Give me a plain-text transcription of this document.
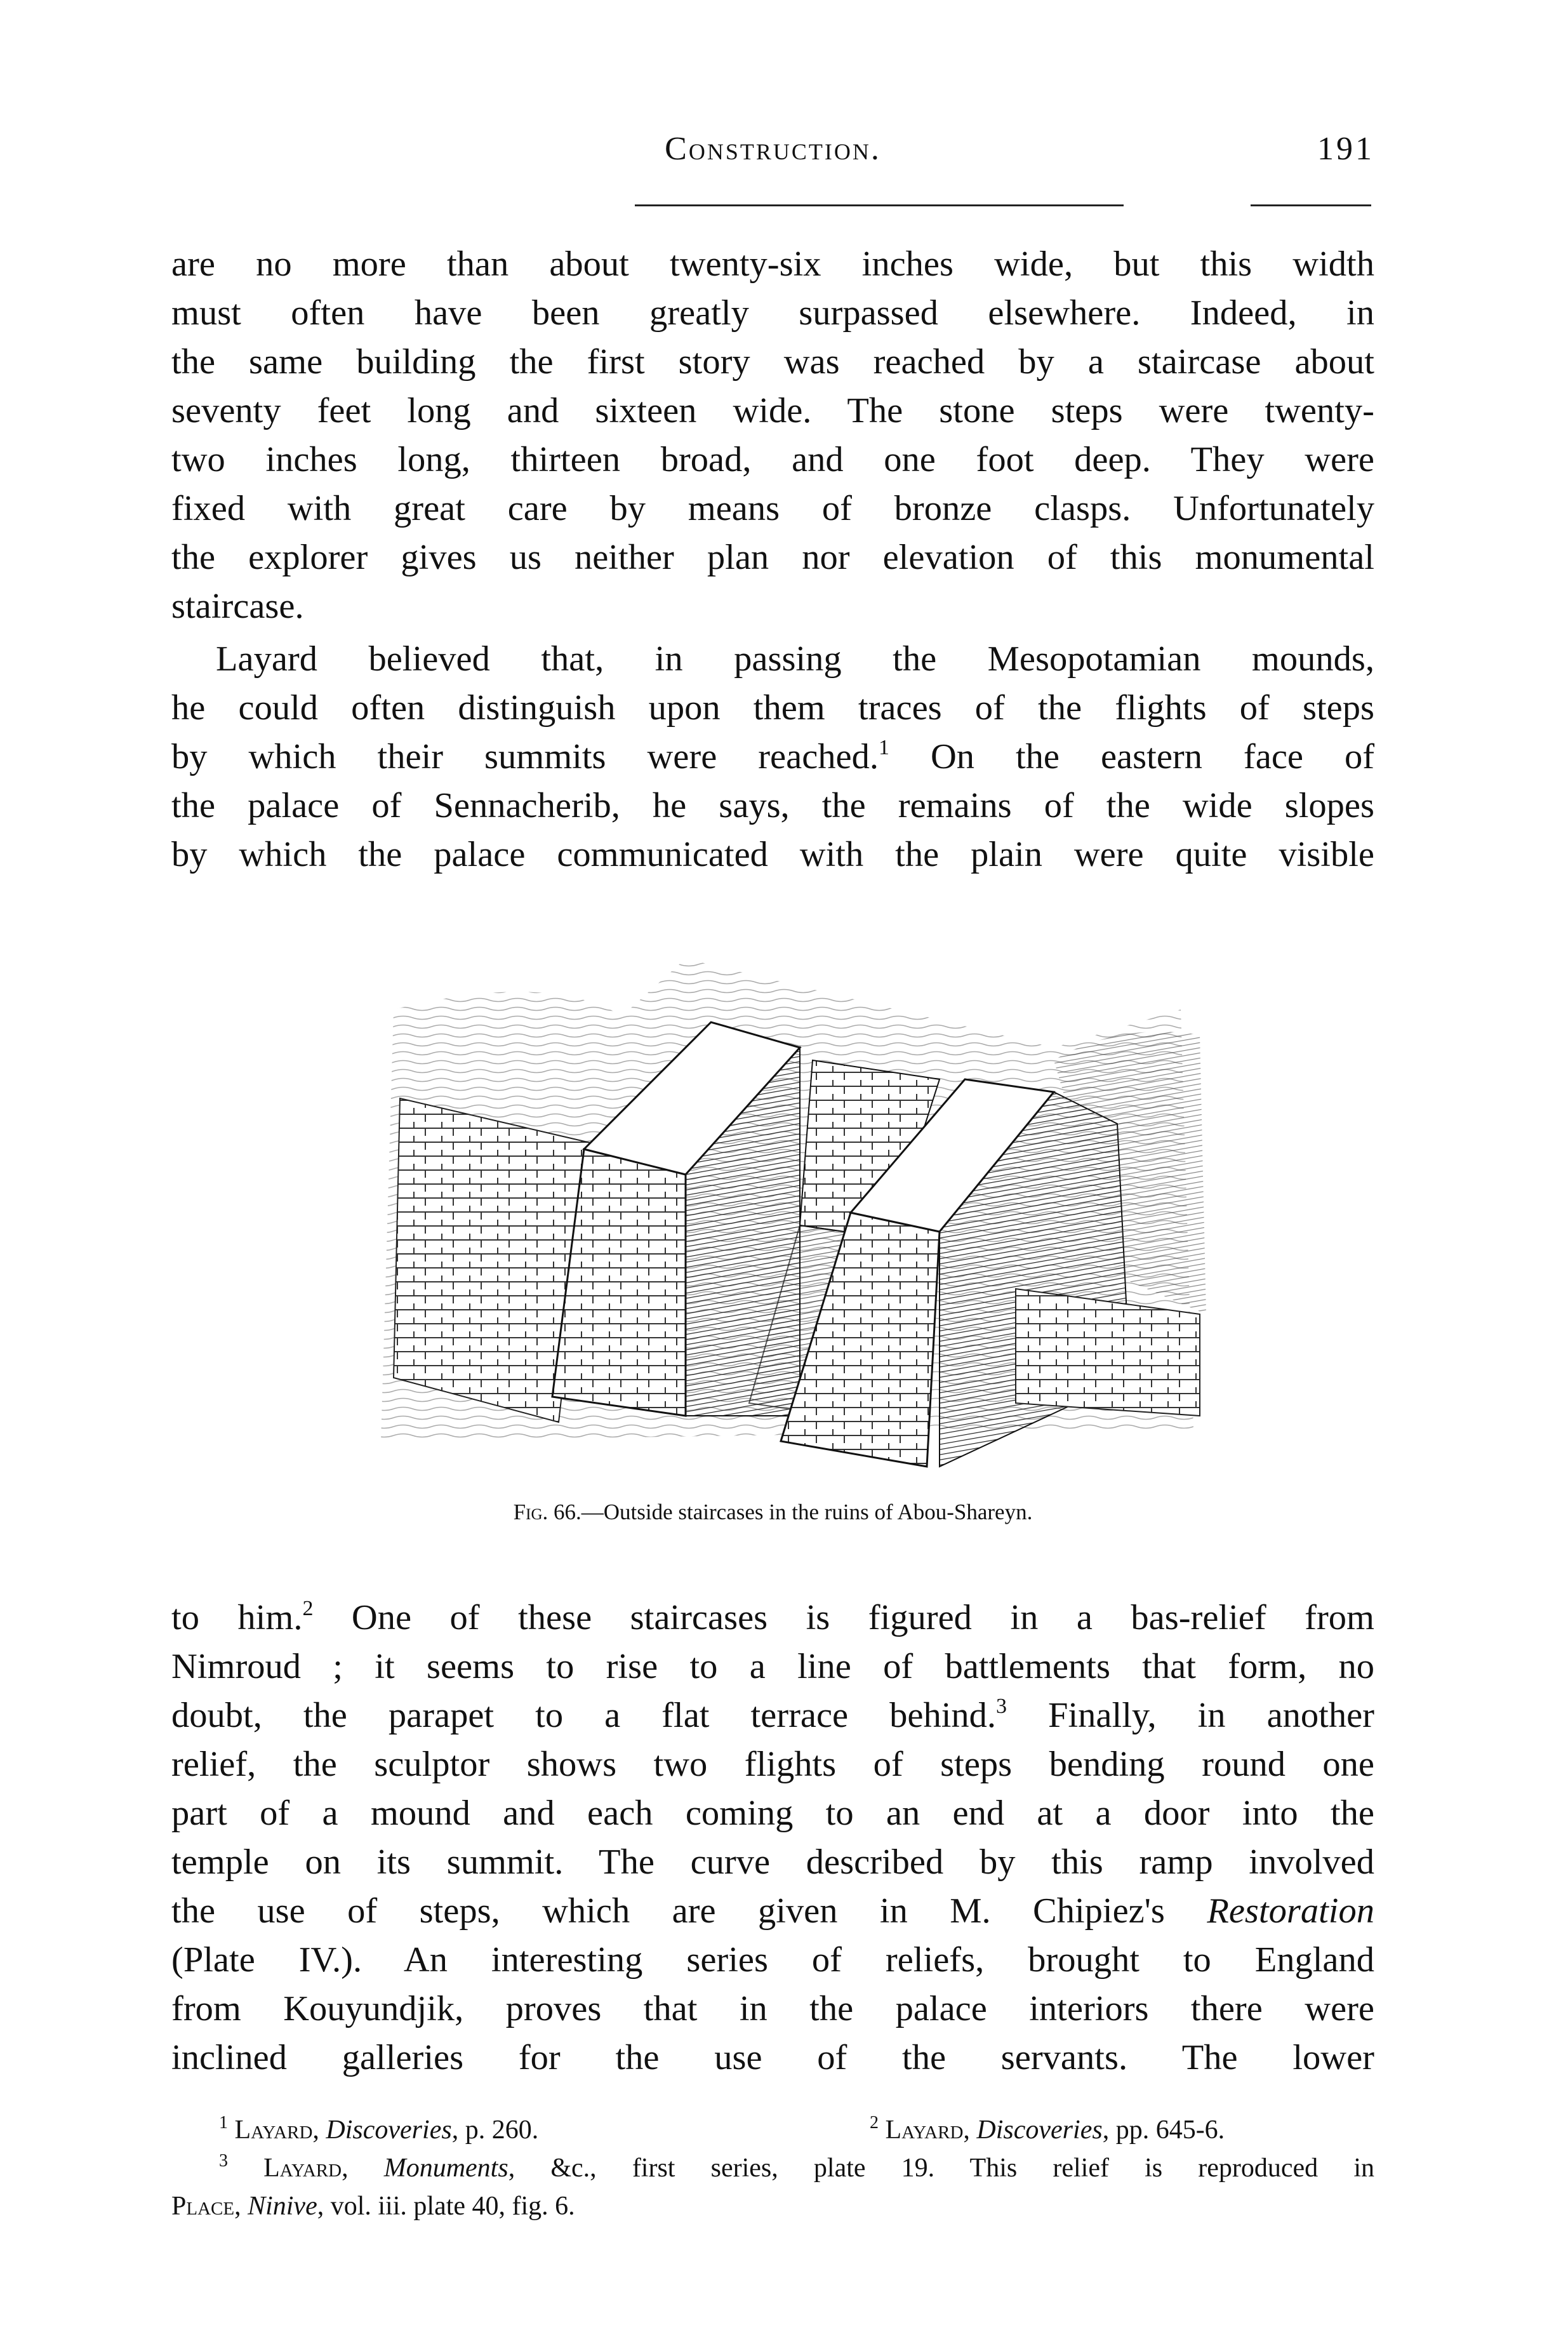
Construction.	191

are no more than about twenty-six inches wide, but this width

must often have been greatly surpassed elsewhere. Indeed, in

the same building the first story was reached by a staircase about

seventy feet long and sixteen wide. The stone steps were twenty-

two inches long, thirteen broad, and one foot deep. They were

fixed with great care by means of bronze clasps. Unfortunately

the explorer gives us neither plan nor elevation of this monumental

staircase.

Layard believed that, in passing the Mesopotamian mounds,

he could often distinguish upon them traces of the flights of steps

by which their summits were reached.$^1$ On the eastern face of

the palace of Sennacherib, he says, the remains of the wide slopes

by which the palace communicated with the plain were quite visible

Fig. 66.—Outside staircases in the ruins of Abou-Shareyn.

to him.$^2$ One of these staircases is figured in a bas-relief from

Nimroud ; it seems to rise to a line of battlements that form, no

doubt, the parapet to a flat terrace behind.$^3$ Finally, in another

relief, the sculptor shows two flights of steps bending round one

part of a mound and each coming to an end at a door into the

temple on its summit. The curve described by this ramp involved

the use of steps, which are given in M. Chipiez's Restoration

(Plate IV.). An interesting series of reliefs, brought to England

from Kouyundjik, proves that in the palace interiors there were

inclined galleries for the use of the servants. The lower

$^1$ Layard, Discoveries, p. 260.	$^2$ Layard, Discoveries, pp. 645-6.
$^3$ Layard, Monuments, &c., first series, plate 19. This relief is reproduced in
Place, Ninive, vol. iii. plate 40, fig. 6.
